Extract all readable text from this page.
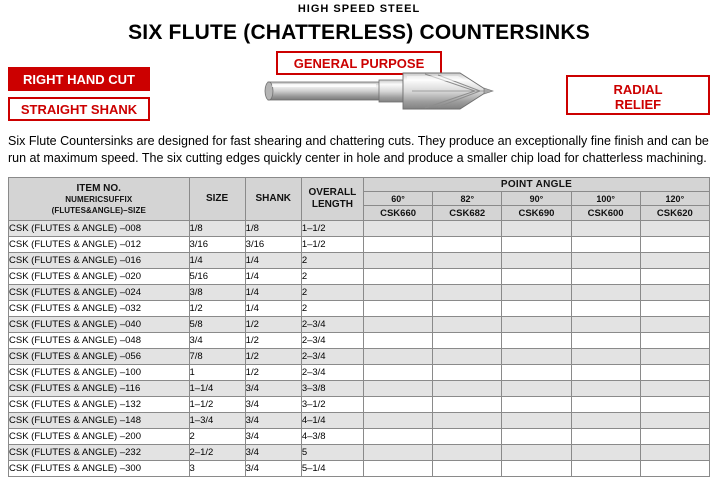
HIGH SPEED STEEL
SIX FLUTE (CHATTERLESS) COUNTERSINKS
GENERAL PURPOSE
RIGHT HAND CUT
STRAIGHT SHANK
RADIAL
RELIEF
Six Flute Countersinks are designed for fast shearing and chattering cuts. They produce an exceptionally fine finish and can be run at maximum speed. The six cutting edges quickly center in hole and produce a smaller chip load for chatterless machining.
ITEM NO.
NUMERICSUFFIX
(FLUTES&ANGLE)–SIZE
	SIZE	SHANK	
OVERALL
LENGTH
	POINT ANGLE
				60°	82°	90°	100°	120°
				CSK660	CSK682	CSK690	CSK600	CSK620
CSK (FLUTES & ANGLE) –008	1/8	1/8	1–1/2					
CSK (FLUTES & ANGLE) –012	3/16	3/16	1–1/2					
CSK (FLUTES & ANGLE) –016	1/4	1/4	2					
CSK (FLUTES & ANGLE) –020	5/16	1/4	2					
CSK (FLUTES & ANGLE) –024	3/8	1/4	2					
CSK (FLUTES & ANGLE) –032	1/2	1/4	2					
CSK (FLUTES & ANGLE) –040	5/8	1/2	2–3/4					
CSK (FLUTES & ANGLE) –048	3/4	1/2	2–3/4					
CSK (FLUTES & ANGLE) –056	7/8	1/2	2–3/4					
CSK (FLUTES & ANGLE) –100	1	1/2	2–3/4					
CSK (FLUTES & ANGLE) –116	1–1/4	3/4	3–3/8					
CSK (FLUTES & ANGLE) –132	1–1/2	3/4	3–1/2					
CSK (FLUTES & ANGLE) –148	1–3/4	3/4	4–1/4					
CSK (FLUTES & ANGLE) –200	2	3/4	4–3/8					
CSK (FLUTES & ANGLE) –232	2–1/2	3/4	5					
CSK (FLUTES & ANGLE) –300	3	3/4	5–1/4					
